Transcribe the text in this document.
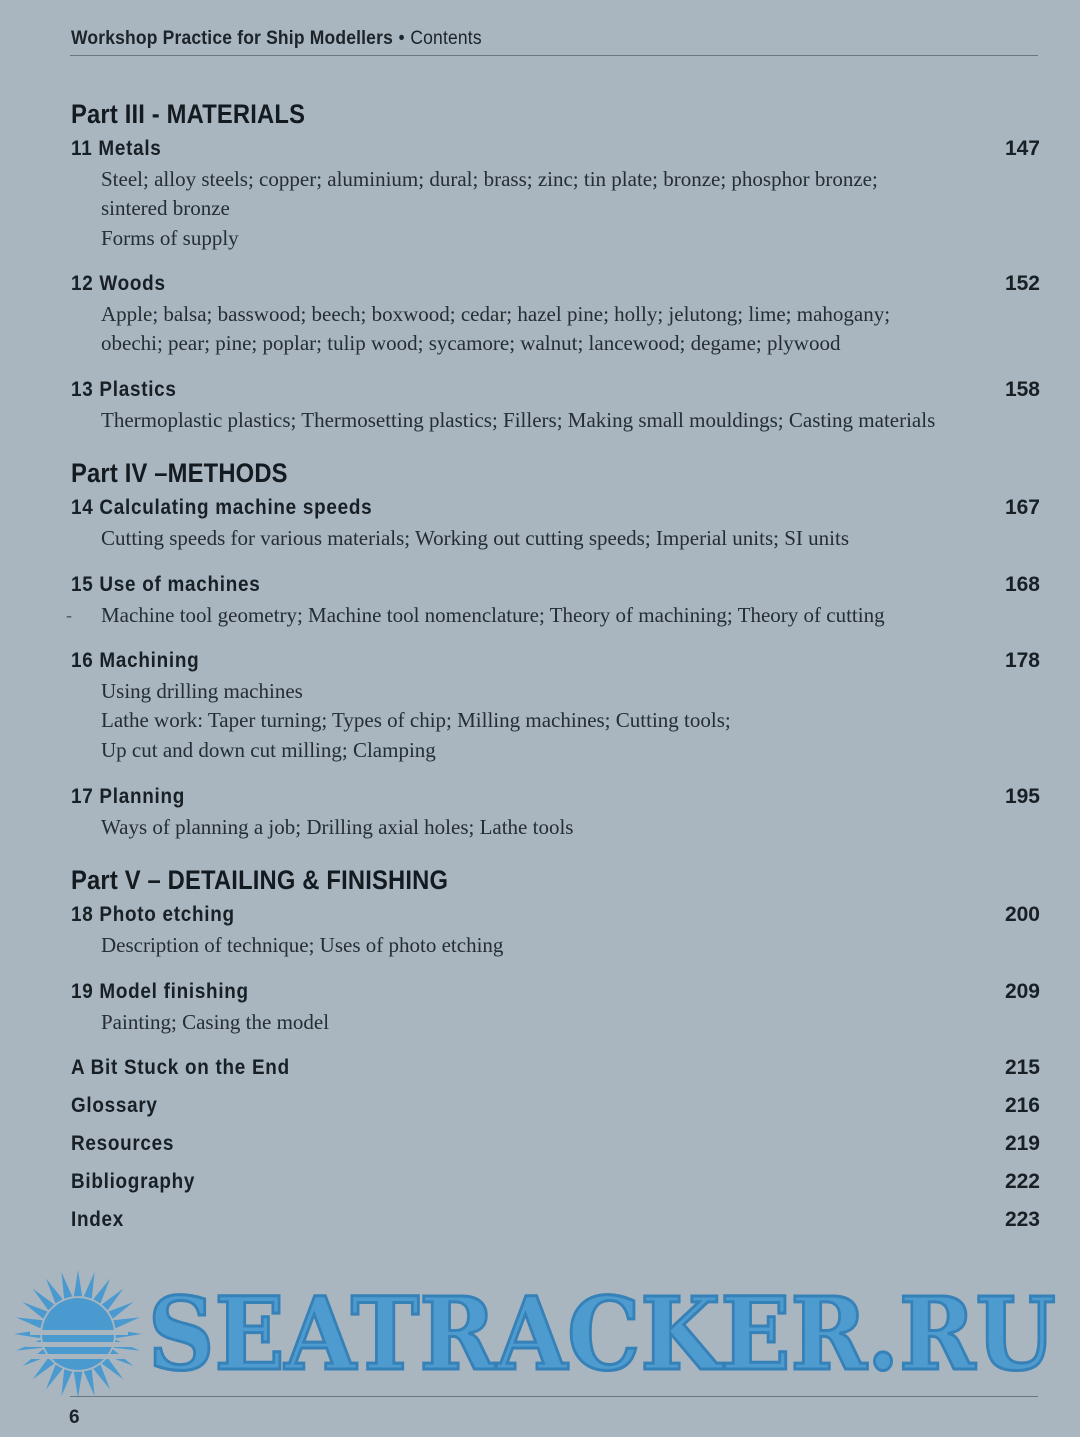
Workshop Practice for Ship Modellers • Contents
Part III - MATERIALS
11 Metals	147
Steel; alloy steels; copper; aluminium; dural; brass; zinc; tin plate; bronze; phosphor bronze;
sintered bronze
Forms of supply
12 Woods	152
Apple; balsa; basswood; beech; boxwood; cedar; hazel pine; holly; jelutong; lime; mahogany;
obechi; pear; pine; poplar; tulip wood; sycamore; walnut; lancewood; degame; plywood
13 Plastics	158
Thermoplastic plastics; Thermosetting plastics; Fillers; Making small mouldings; Casting materials
Part IV –METHODS
14 Calculating machine speeds	167
Cutting speeds for various materials; Working out cutting speeds; Imperial units; SI units
15 Use of machines	168
- Machine tool geometry; Machine tool nomenclature; Theory of machining; Theory of cutting
16 Machining	178
Using drilling machines
Lathe work: Taper turning; Types of chip; Milling machines; Cutting tools;
Up cut and down cut milling; Clamping
17 Planning	195
Ways of planning a job; Drilling axial holes; Lathe tools
Part V – DETAILING & FINISHING
18 Photo etching	200
Description of technique; Uses of photo etching
19 Model finishing	209
Painting; Casing the model
A Bit Stuck on the End	215
Glossary	216
Resources	219
Bibliography	222
Index	223
SEATRACKER.RU
6
